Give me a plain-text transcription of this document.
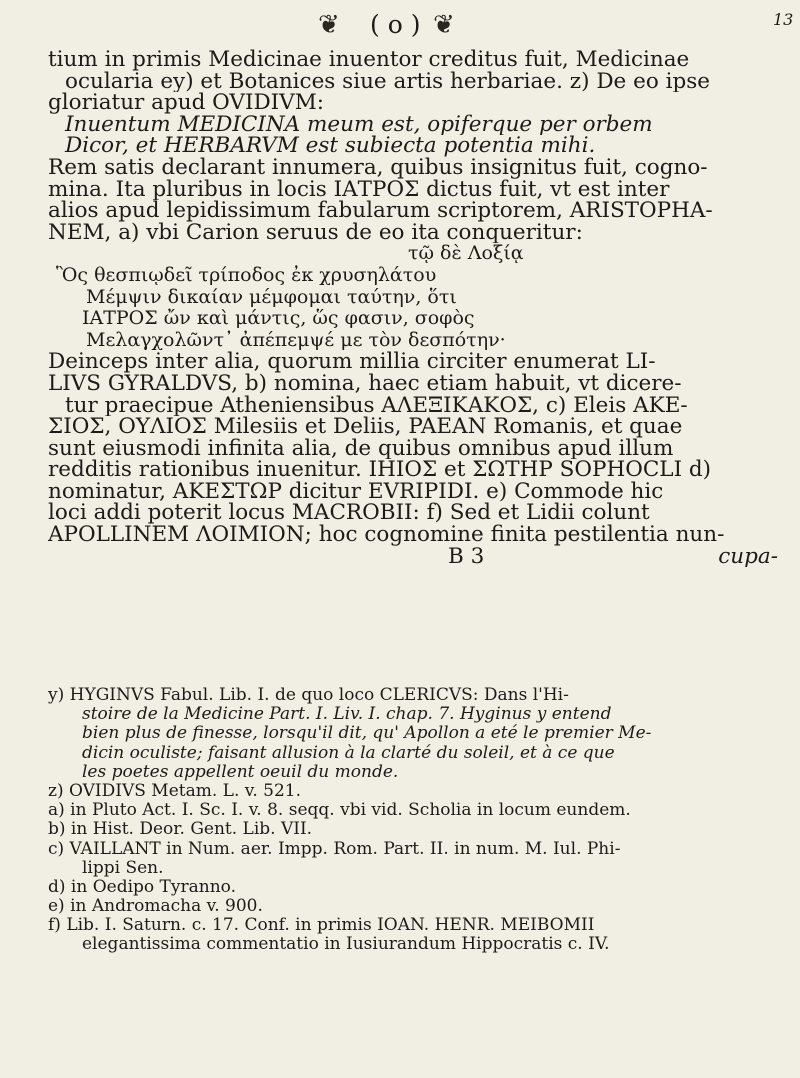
❦ ( o ) ❦	13
tium in primis Medicinae inuentor creditus fuit, Medicinae
ocularia ey) et Botanices siue artis herbariae. z) De eo ipse
gloriatur apud OVIDIVM:
Inuentum MEDICINA meum est, opiferque per orbem
Dicor, et HERBARVM est subiecta potentia mihi.
Rem satis declarant innumera, quibus insignitus fuit, cogno-
mina. Ita pluribus in locis ΙΑΤΡΟΣ dictus fuit, vt est inter
alios apud lepidissimum fabularum scriptorem, ARISTOPHA-
NEM, a) vbi Carion seruus de eo ita conqueritur:
τῷ δὲ Λοξίᾳ
Ὃς θεσπιῳδεῖ τρίποδος ἐκ χρυσηλάτου
Μέμψιν δικαίαν μέμφομαι ταύτην, ὅτι
ΙΑΤΡΟΣ ὤν καὶ μάντις, ὥς φασιν, σοφὸς
Μελαγχολῶντ᾽ ἀπέπεμψέ με τὸν δεσπότην·
Deinceps inter alia, quorum millia circiter enumerat LI-
LIVS GYRALDVS, b) nomina, haec etiam habuit, vt dicere-
tur praecipue Atheniensibus ΑΛΕΞΙΚΑΚΟΣ, c) Eleis ΑΚΕ-
ΣΙΟΣ, ΟΥΛΙΟΣ Milesiis et Deliis, PAEAN Romanis, et quae
sunt eiusmodi infinita alia, de quibus omnibus apud illum
redditis rationibus inuenitur. ΙΗΙΟΣ et ΣΩΤΗΡ SOPHOCLI d)
nominatur, ΑΚΕΣΤΩΡ dicitur EVRIPIDI. e) Commode hic
loci addi poterit locus MACROBII: f) Sed et Lidii colunt
APOLLINEM ΛΟΙΜΙΟΝ; hoc cognomine finita pestilentia nun-
B 3	cupa-
y) HYGINVS Fabul. Lib. I. de quo loco CLERICVS: Dans l'Hi-
stoire de la Medicine Part. I. Liv. I. chap. 7. Hyginus y entend
bien plus de finesse, lorsqu'il dit, qu' Apollon a eté le premier Me-
dicin oculiste; faisant allusion à la clarté du soleil, et à ce que
les poetes appellent oeuil du monde.
z) OVIDIVS Metam. L. v. 521.
a) in Pluto Act. I. Sc. I. v. 8. seqq. vbi vid. Scholia in locum eundem.
b) in Hist. Deor. Gent. Lib. VII.
c) VAILLANT in Num. aer. Impp. Rom. Part. II. in num. M. Iul. Phi-
lippi Sen.
d) in Oedipo Tyranno.
e) in Andromacha v. 900.
f) Lib. I. Saturn. c. 17. Conf. in primis IOAN. HENR. MEIBOMII
elegantissima commentatio in Iusiurandum Hippocratis c. IV.
